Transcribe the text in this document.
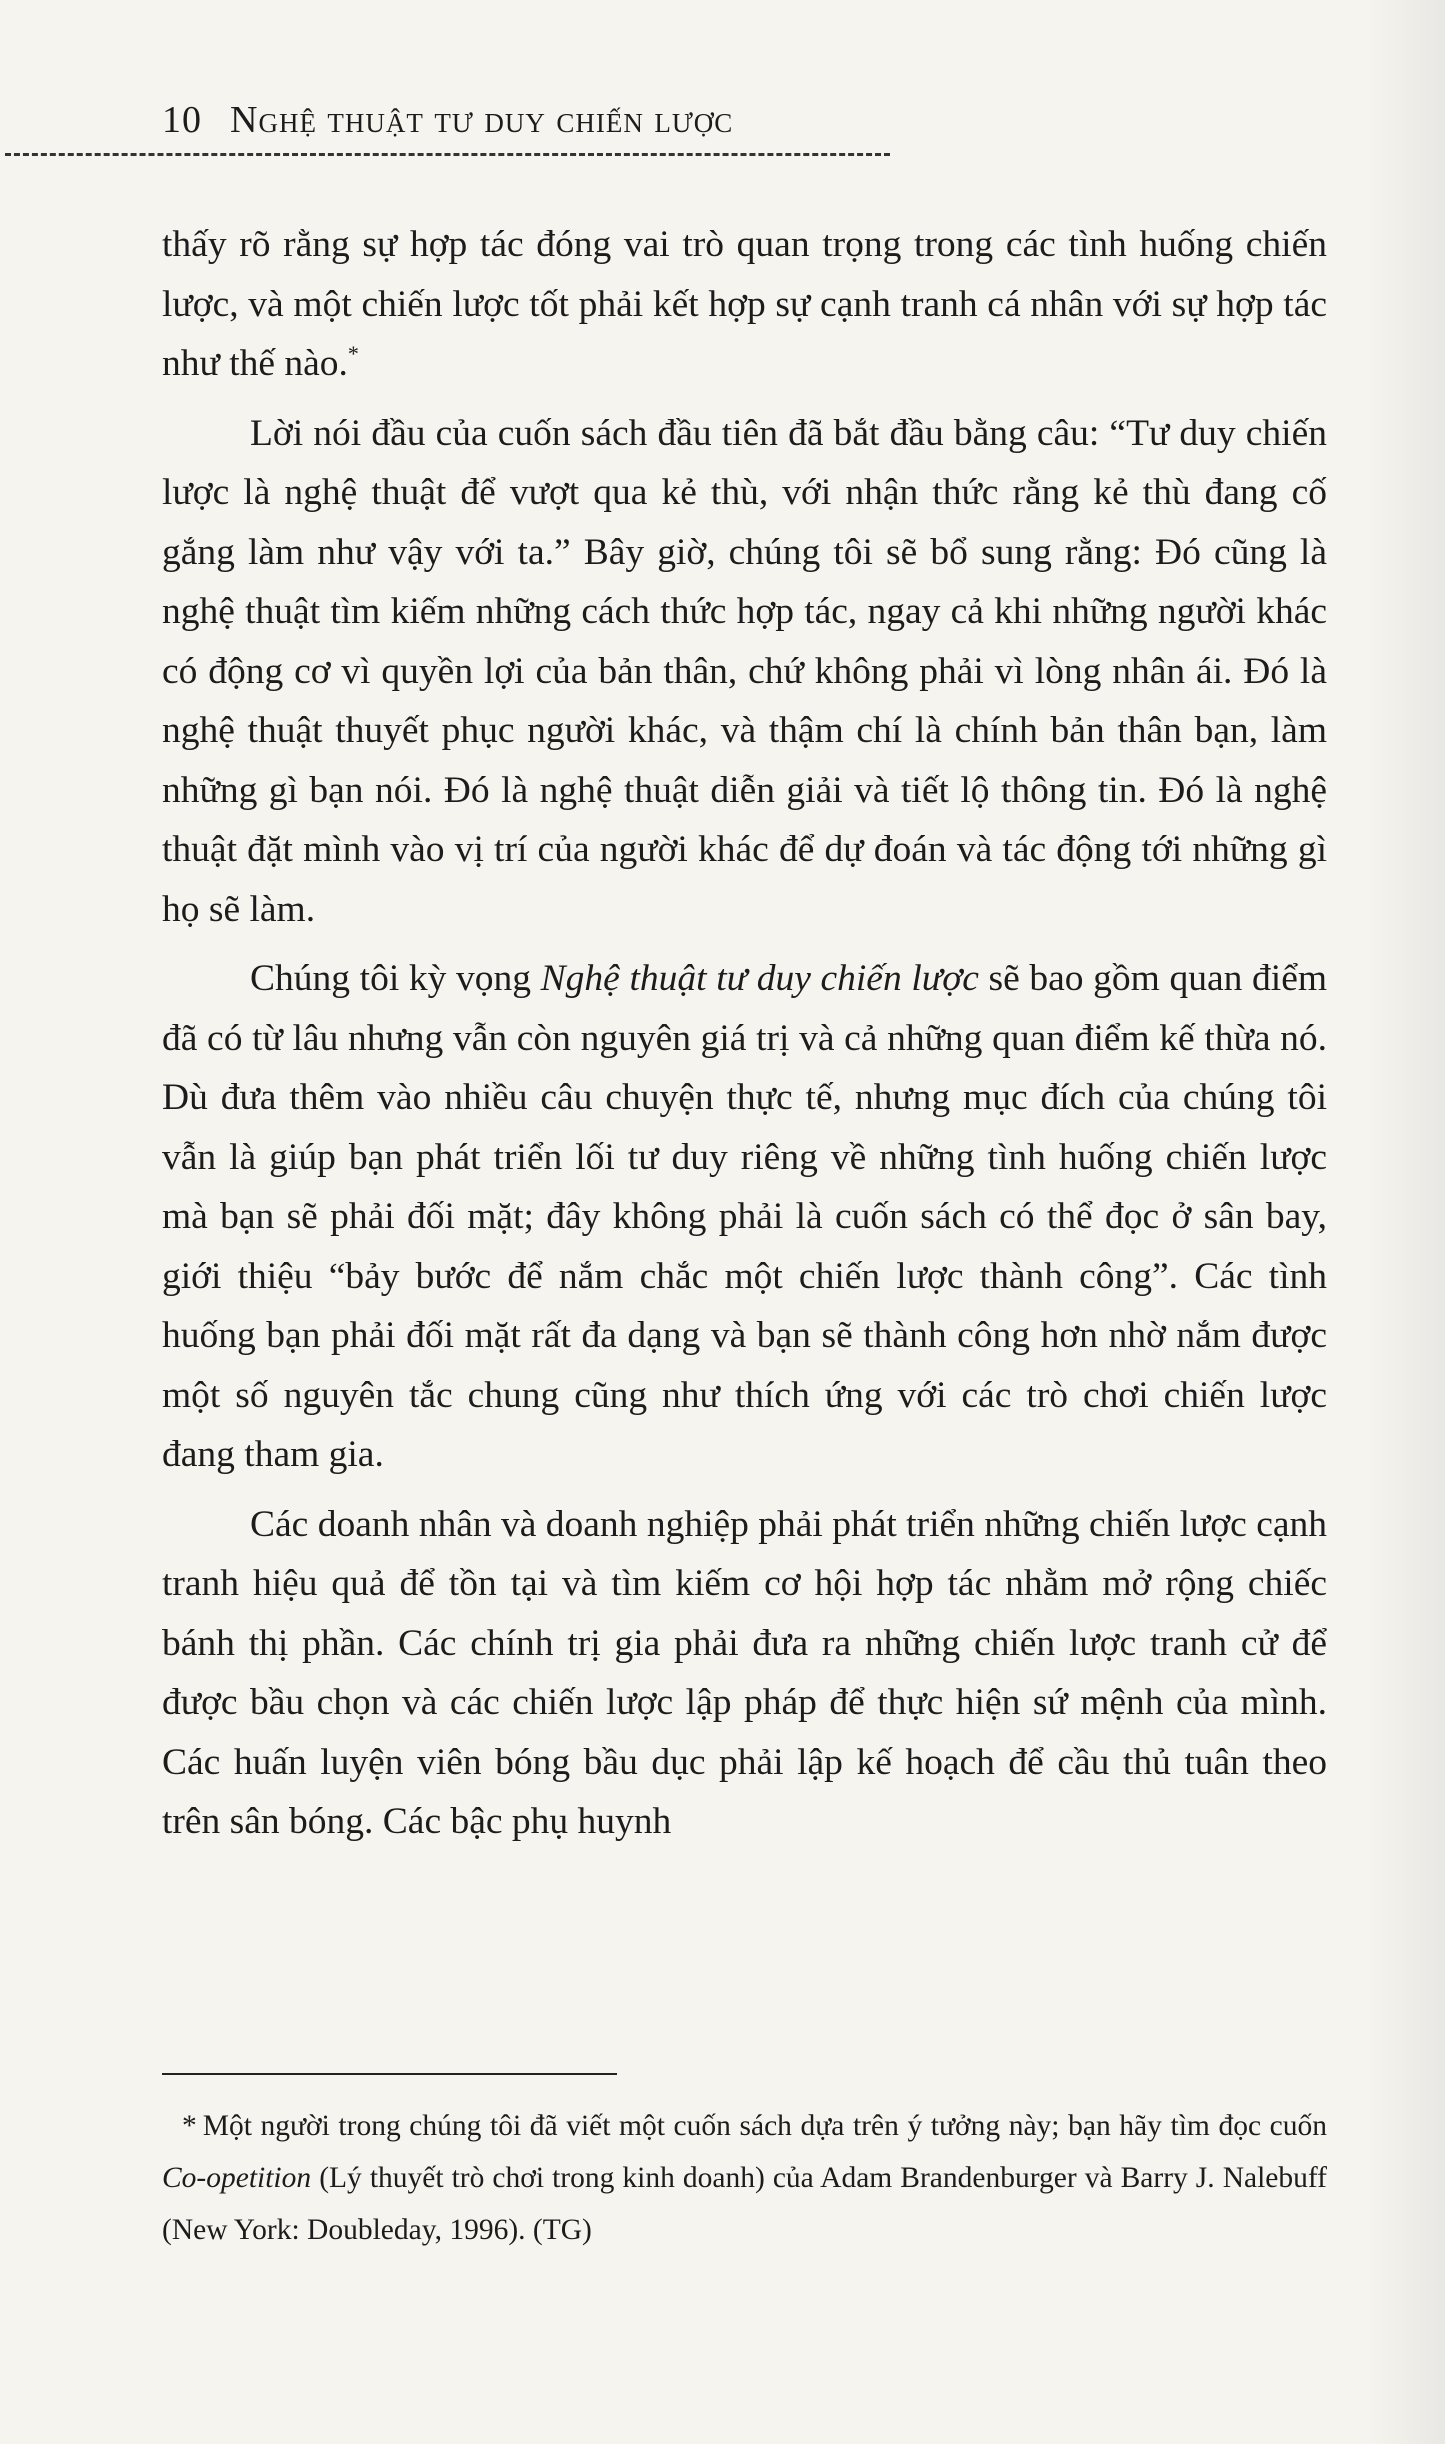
10 Nghệ thuật tư duy chiến lược

thấy rõ rằng sự hợp tác đóng vai trò quan trọng trong các tình huống chiến lược, và một chiến lược tốt phải kết hợp sự cạnh tranh cá nhân với sự hợp tác như thế nào.*

Lời nói đầu của cuốn sách đầu tiên đã bắt đầu bằng câu: “Tư duy chiến lược là nghệ thuật để vượt qua kẻ thù, với nhận thức rằng kẻ thù đang cố gắng làm như vậy với ta.” Bây giờ, chúng tôi sẽ bổ sung rằng: Đó cũng là nghệ thuật tìm kiếm những cách thức hợp tác, ngay cả khi những người khác có động cơ vì quyền lợi của bản thân, chứ không phải vì lòng nhân ái. Đó là nghệ thuật thuyết phục người khác, và thậm chí là chính bản thân bạn, làm những gì bạn nói. Đó là nghệ thuật diễn giải và tiết lộ thông tin. Đó là nghệ thuật đặt mình vào vị trí của người khác để dự đoán và tác động tới những gì họ sẽ làm.

Chúng tôi kỳ vọng Nghệ thuật tư duy chiến lược sẽ bao gồm quan điểm đã có từ lâu nhưng vẫn còn nguyên giá trị và cả những quan điểm kế thừa nó. Dù đưa thêm vào nhiều câu chuyện thực tế, nhưng mục đích của chúng tôi vẫn là giúp bạn phát triển lối tư duy riêng về những tình huống chiến lược mà bạn sẽ phải đối mặt; đây không phải là cuốn sách có thể đọc ở sân bay, giới thiệu “bảy bước để nắm chắc một chiến lược thành công”. Các tình huống bạn phải đối mặt rất đa dạng và bạn sẽ thành công hơn nhờ nắm được một số nguyên tắc chung cũng như thích ứng với các trò chơi chiến lược đang tham gia.

Các doanh nhân và doanh nghiệp phải phát triển những chiến lược cạnh tranh hiệu quả để tồn tại và tìm kiếm cơ hội hợp tác nhằm mở rộng chiếc bánh thị phần. Các chính trị gia phải đưa ra những chiến lược tranh cử để được bầu chọn và các chiến lược lập pháp để thực hiện sứ mệnh của mình. Các huấn luyện viên bóng bầu dục phải lập kế hoạch để cầu thủ tuân theo trên sân bóng. Các bậc phụ huynh

* Một người trong chúng tôi đã viết một cuốn sách dựa trên ý tưởng này; bạn hãy tìm đọc cuốn Co-opetition (Lý thuyết trò chơi trong kinh doanh) của Adam Brandenburger và Barry J. Nalebuff (New York: Doubleday, 1996). (TG)
